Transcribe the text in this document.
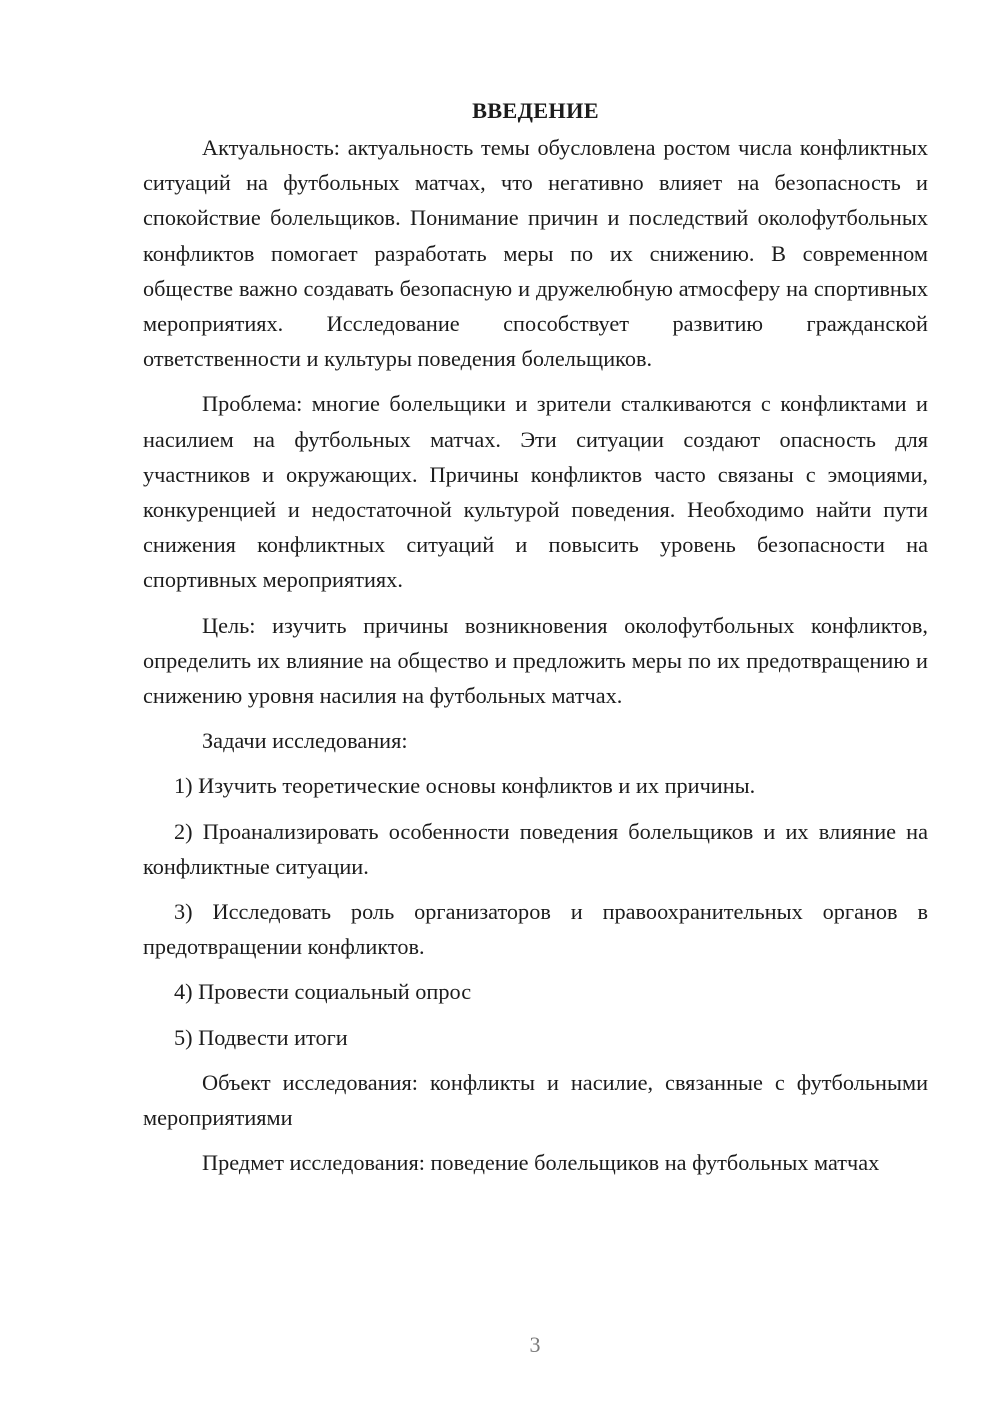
ВВЕДЕНИЕ

Актуальность: актуальность темы обусловлена ростом числа конфликтных ситуаций на футбольных матчах, что негативно влияет на безопасность и спокойствие болельщиков. Понимание причин и последствий околофутбольных конфликтов помогает разработать меры по их снижению. В современном обществе важно создавать безопасную и дружелюбную атмосферу на спортивных мероприятиях. Исследование способствует развитию гражданской ответственности и культуры поведения болельщиков.

Проблема: многие болельщики и зрители сталкиваются с конфликтами и насилием на футбольных матчах. Эти ситуации создают опасность для участников и окружающих. Причины конфликтов часто связаны с эмоциями, конкуренцией и недостаточной культурой поведения. Необходимо найти пути снижения конфликтных ситуаций и повысить уровень безопасности на спортивных мероприятиях.

Цель: изучить причины возникновения околофутбольных конфликтов, определить их влияние на общество и предложить меры по их предотвращению и снижению уровня насилия на футбольных матчах.

Задачи исследования:

1) Изучить теоретические основы конфликтов и их причины.

2) Проанализировать особенности поведения болельщиков и их влияние на конфликтные ситуации.

3) Исследовать роль организаторов и правоохранительных органов в предотвращении конфликтов.

4) Провести социальный опрос

5) Подвести итоги

Объект исследования: конфликты и насилие, связанные с футбольными мероприятиями

Предмет исследования: поведение болельщиков на футбольных матчах

3
